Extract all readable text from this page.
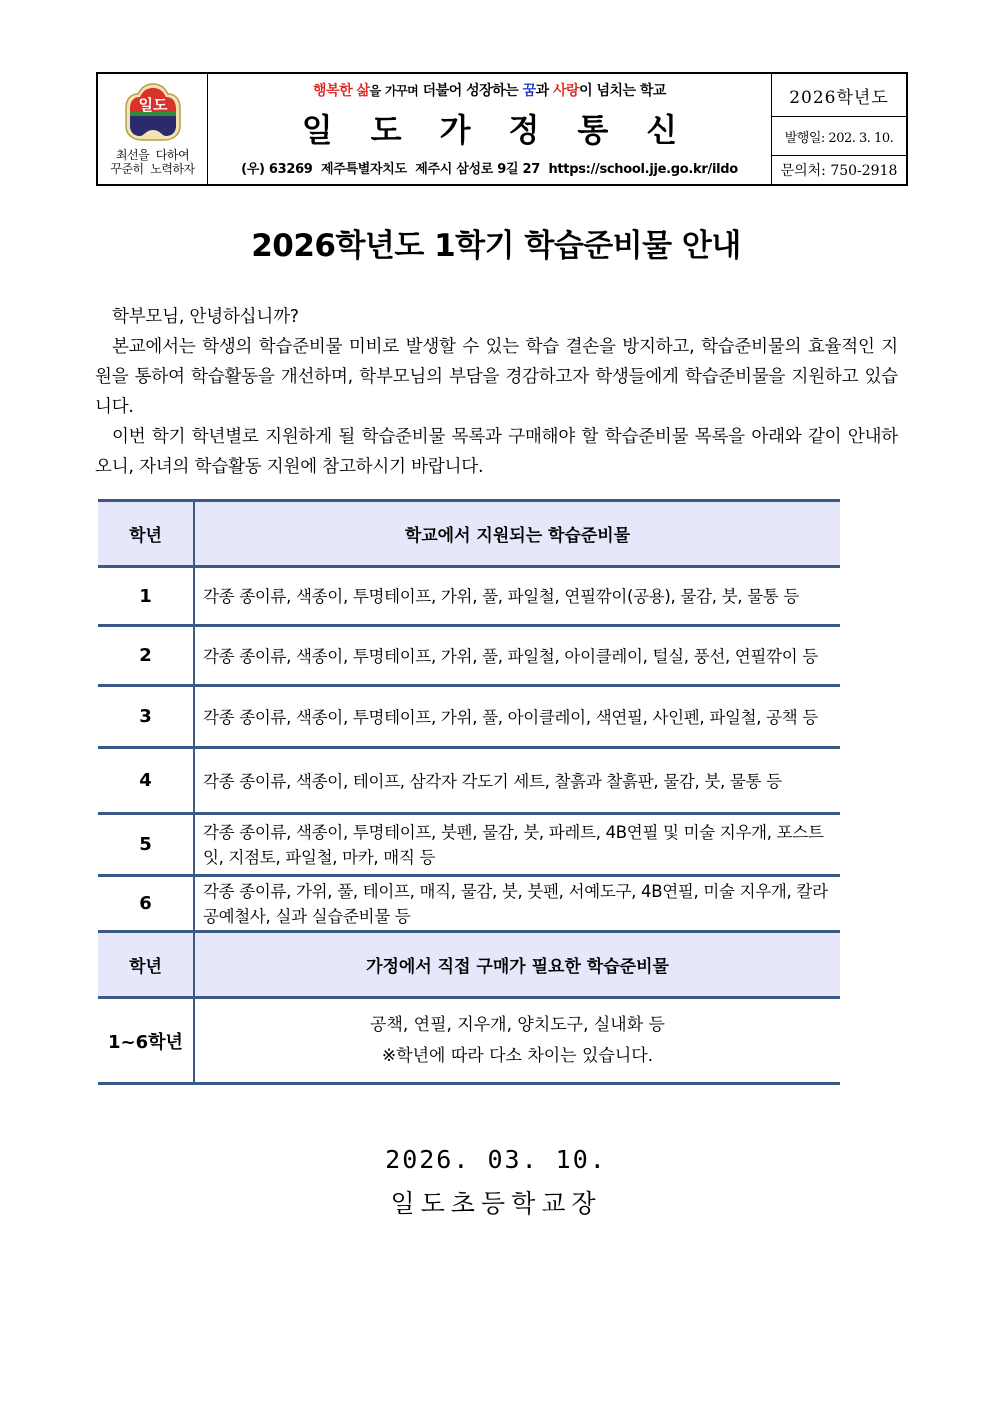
일도
최선을  다하여
꾸준히  노력하자
행복한
삶 을
가꾸며
더불어 성장하는
꿈 과
사랑 이 넘치는 학교
일도가정통신
(우) 63269  제주특별자치도  제주시 삼성로 9길 27  https://school.jje.go.kr/ildo
2026학년도
발행일: 202. 3. 10.
문의처: 750-2918
2026학년도 1학기 학습준비물 안내

학부모님, 안녕하십니까?

본교에서는 학생의 학습준비물 미비로 발생할 수 있는 학습 결손을 방지하고, 학습준비물의 효율적인 지원을 통하여 학습활동을 개선하며, 학부모님의 부담을 경감하고자 학생들에게 학습준비물을 지원하고 있습니다.

이번 학기 학년별로 지원하게 될 학습준비물 목록과 구매해야 할 학습준비물 목록을 아래와 같이 안내하오니, 자녀의 학습활동 지원에 참고하시기 바랍니다.

학년	학교에서 지원되는 학습준비물
1	각종 종이류, 색종이, 투명테이프, 가위, 풀, 파일철, 연필깎이(공용), 물감, 붓, 물통 등
2	각종 종이류, 색종이, 투명테이프, 가위, 풀, 파일철, 아이클레이, 털실, 풍선, 연필깎이 등
3	각종 종이류, 색종이, 투명테이프, 가위, 풀, 아이클레이, 색연필, 사인펜, 파일철, 공책 등
4	각종 종이류, 색종이, 테이프, 삼각자 각도기 세트, 찰흙과 찰흙판, 물감, 붓, 물통 등
5	각종 종이류, 색종이, 투명테이프, 붓펜, 물감, 붓, 파레트, 4B연필 및 미술 지우개, 포스트잇, 지점토, 파일철, 마카, 매직 등
6	각종 종이류, 가위, 풀, 테이프, 매직, 물감, 붓, 붓펜, 서예도구, 4B연필, 미술 지우개, 칼라공예철사, 실과 실습준비물 등
학년	가정에서 직접 구매가 필요한 학습준비물
1~6학년	공책, 연필, 지우개, 양치도구, 실내화 등
※학년에 따라 다소 차이는 있습니다.
2026. 03. 10.
일도초등학교장
